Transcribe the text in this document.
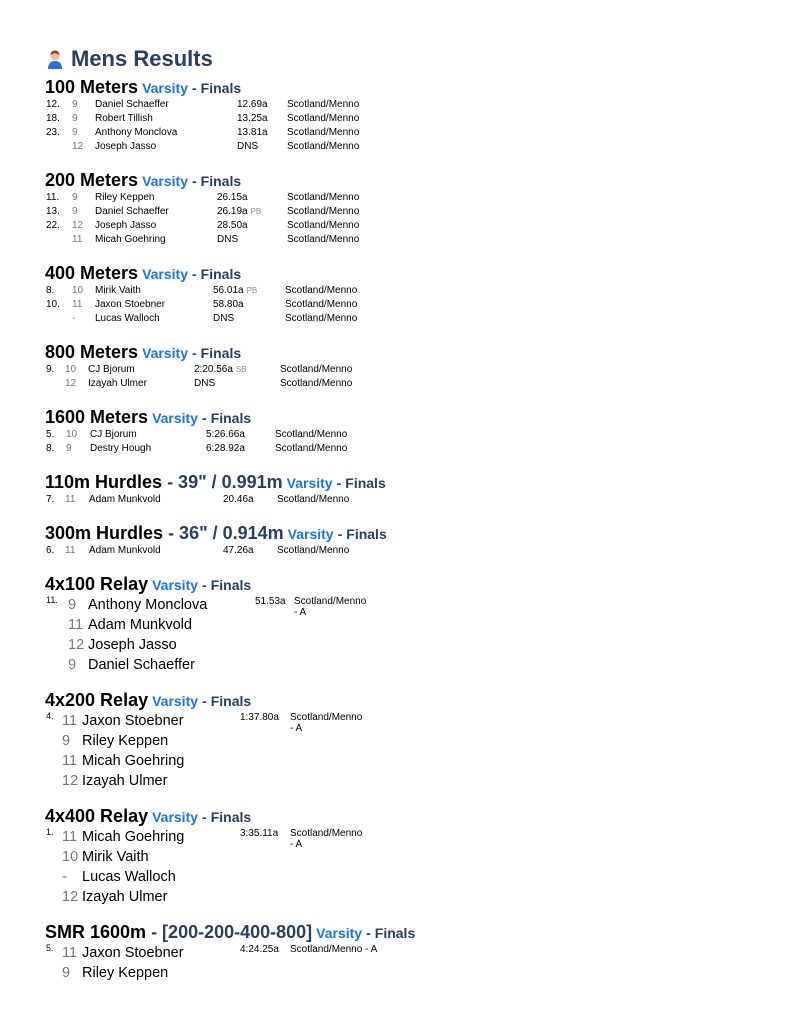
Mens Results
100 Meters Varsity - Finals
12. 9 Daniel Schaeffer	12.69a Scotland/Menno
18. 9 Robert Tillish	13.25a Scotland/Menno
23. 9 Anthony Monclova	13.81a Scotland/Menno
12 Joseph Jasso	DNS	Scotland/Menno
200 Meters Varsity - Finals
11. 9 Riley Keppen	26.15a	Scotland/Menno
13. 9 Daniel Schaeffer	26.19a PB	Scotland/Menno
22. 12 Joseph Jasso	28.50a	Scotland/Menno
11 Micah Goehring	DNS	Scotland/Menno
400 Meters Varsity - Finals
8. 10 Mirik Vaith	56.01a PB	Scotland/Menno
10. 11 Jaxon Stoebner	58.80a	Scotland/Menno
- Lucas Walloch	DNS	Scotland/Menno
800 Meters Varsity - Finals
9. 10 CJ Bjorum	2:20.56a SB	Scotland/Menno
12 Izayah Ulmer	DNS	Scotland/Menno
1600 Meters Varsity - Finals
5. 10 CJ Bjorum	5:26.66a	Scotland/Menno
8. 9 Destry Hough	6:28.92a	Scotland/Menno
110m Hurdles - 39" / 0.991m Varsity - Finals
7. 11 Adam Munkvold	20.46a Scotland/Menno
300m Hurdles - 36" / 0.914m Varsity - Finals
6. 11 Adam Munkvold	47.26a Scotland/Menno
4x100 Relay Varsity - Finals
11.	51.53a Scotland/Menno - A
9 Anthony Monclova
11 Adam Munkvold
12 Joseph Jasso
9 Daniel Schaeffer
4x200 Relay Varsity - Finals
4.	1:37.80a Scotland/Menno - A
11 Jaxon Stoebner
9 Riley Keppen
11 Micah Goehring
12 Izayah Ulmer
4x400 Relay Varsity - Finals
1.	3:35.11a Scotland/Menno - A
11 Micah Goehring
10 Mirik Vaith
- Lucas Walloch
12 Izayah Ulmer
SMR 1600m - [200-200-400-800] Varsity - Finals
5.	4:24.25a Scotland/Menno - A
11 Jaxon Stoebner
9 Riley Keppen
